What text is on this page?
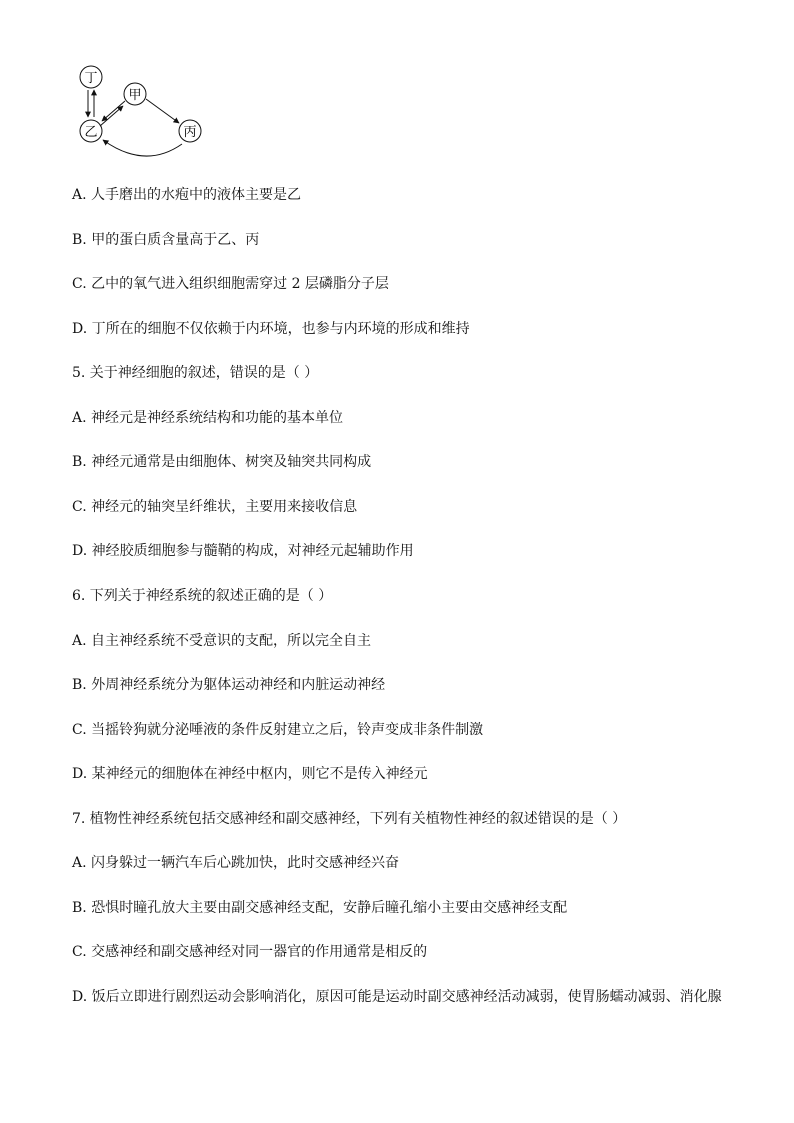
丁
甲
乙	丙
A. 人手磨出的水疱中的液体主要是乙
B. 甲的蛋白质含量高于乙、丙
C. 乙中的氧气进入组织细胞需穿过 2 层磷脂分子层
D. 丁所在的细胞不仅依赖于内环境，也参与内环境的形成和维持
5. 关于神经细胞的叙述，错误的是（ ）
A. 神经元是神经系统结构和功能的基本单位
B. 神经元通常是由细胞体、树突及轴突共同构成
C. 神经元的轴突呈纤维状，主要用来接收信息
D. 神经胶质细胞参与髓鞘的构成，对神经元起辅助作用
6. 下列关于神经系统的叙述正确的是（ ）
A. 自主神经系统不受意识的支配，所以完全自主
B. 外周神经系统分为躯体运动神经和内脏运动神经
C. 当摇铃狗就分泌唾液的条件反射建立之后，铃声变成非条件制激
D. 某神经元的细胞体在神经中枢内，则它不是传入神经元
7. 植物性神经系统包括交感神经和副交感神经，下列有关植物性神经的叙述错误的是（ ）
A. 闪身躲过一辆汽车后心跳加快，此时交感神经兴奋
B. 恐惧时瞳孔放大主要由副交感神经支配，安静后瞳孔缩小主要由交感神经支配
C. 交感神经和副交感神经对同一器官的作用通常是相反的
D. 饭后立即进行剧烈运动会影响消化，原因可能是运动时副交感神经活动减弱，使胃肠蠕动减弱、消化腺
